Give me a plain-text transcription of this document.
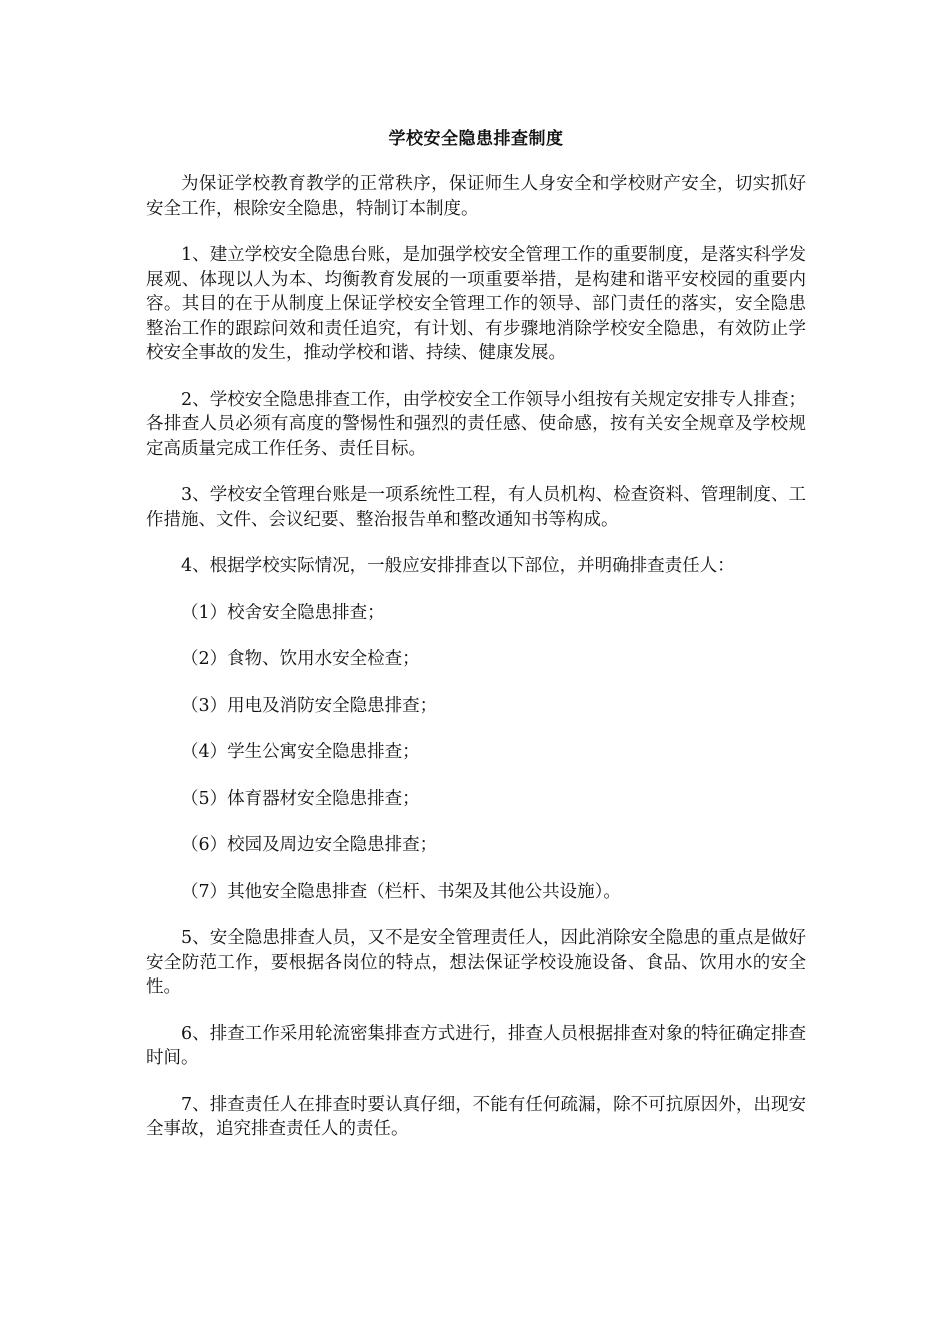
学校安全隐患排查制度

为保证学校教育教学的正常秩序，保证师生人身安全和学校财产安全，切实抓好安全工作，根除安全隐患，特制订本制度。

1、建立学校安全隐患台账，是加强学校安全管理工作的重要制度，是落实科学发展观、体现以人为本、均衡教育发展的一项重要举措，是构建和谐平安校园的重要内容。其目的在于从制度上保证学校安全管理工作的领导、部门责任的落实，安全隐患整治工作的跟踪问效和责任追究，有计划、有步骤地消除学校安全隐患，有效防止学校安全事故的发生，推动学校和谐、持续、健康发展。

2、学校安全隐患排查工作，由学校安全工作领导小组按有关规定安排专人排查；各排查人员必须有高度的警惕性和强烈的责任感、使命感，按有关安全规章及学校规定高质量完成工作任务、责任目标。

3、学校安全管理台账是一项系统性工程，有人员机构、检查资料、管理制度、工作措施、文件、会议纪要、整治报告单和整改通知书等构成。

4、根据学校实际情况，一般应安排排查以下部位，并明确排查责任人：

（1）校舍安全隐患排查；

（2）食物、饮用水安全检查；

（3）用电及消防安全隐患排查；

（4）学生公寓安全隐患排查；

（5）体育器材安全隐患排查；

（6）校园及周边安全隐患排查；

（7）其他安全隐患排查（栏杆、书架及其他公共设施）。

5、安全隐患排查人员，又不是安全管理责任人，因此消除安全隐患的重点是做好安全防范工作，要根据各岗位的特点，想法保证学校设施设备、食品、饮用水的安全性。

6、排查工作采用轮流密集排查方式进行，排查人员根据排查对象的特征确定排查时间。

7、排查责任人在排查时要认真仔细，不能有任何疏漏，除不可抗原因外，出现安全事故，追究排查责任人的责任。
